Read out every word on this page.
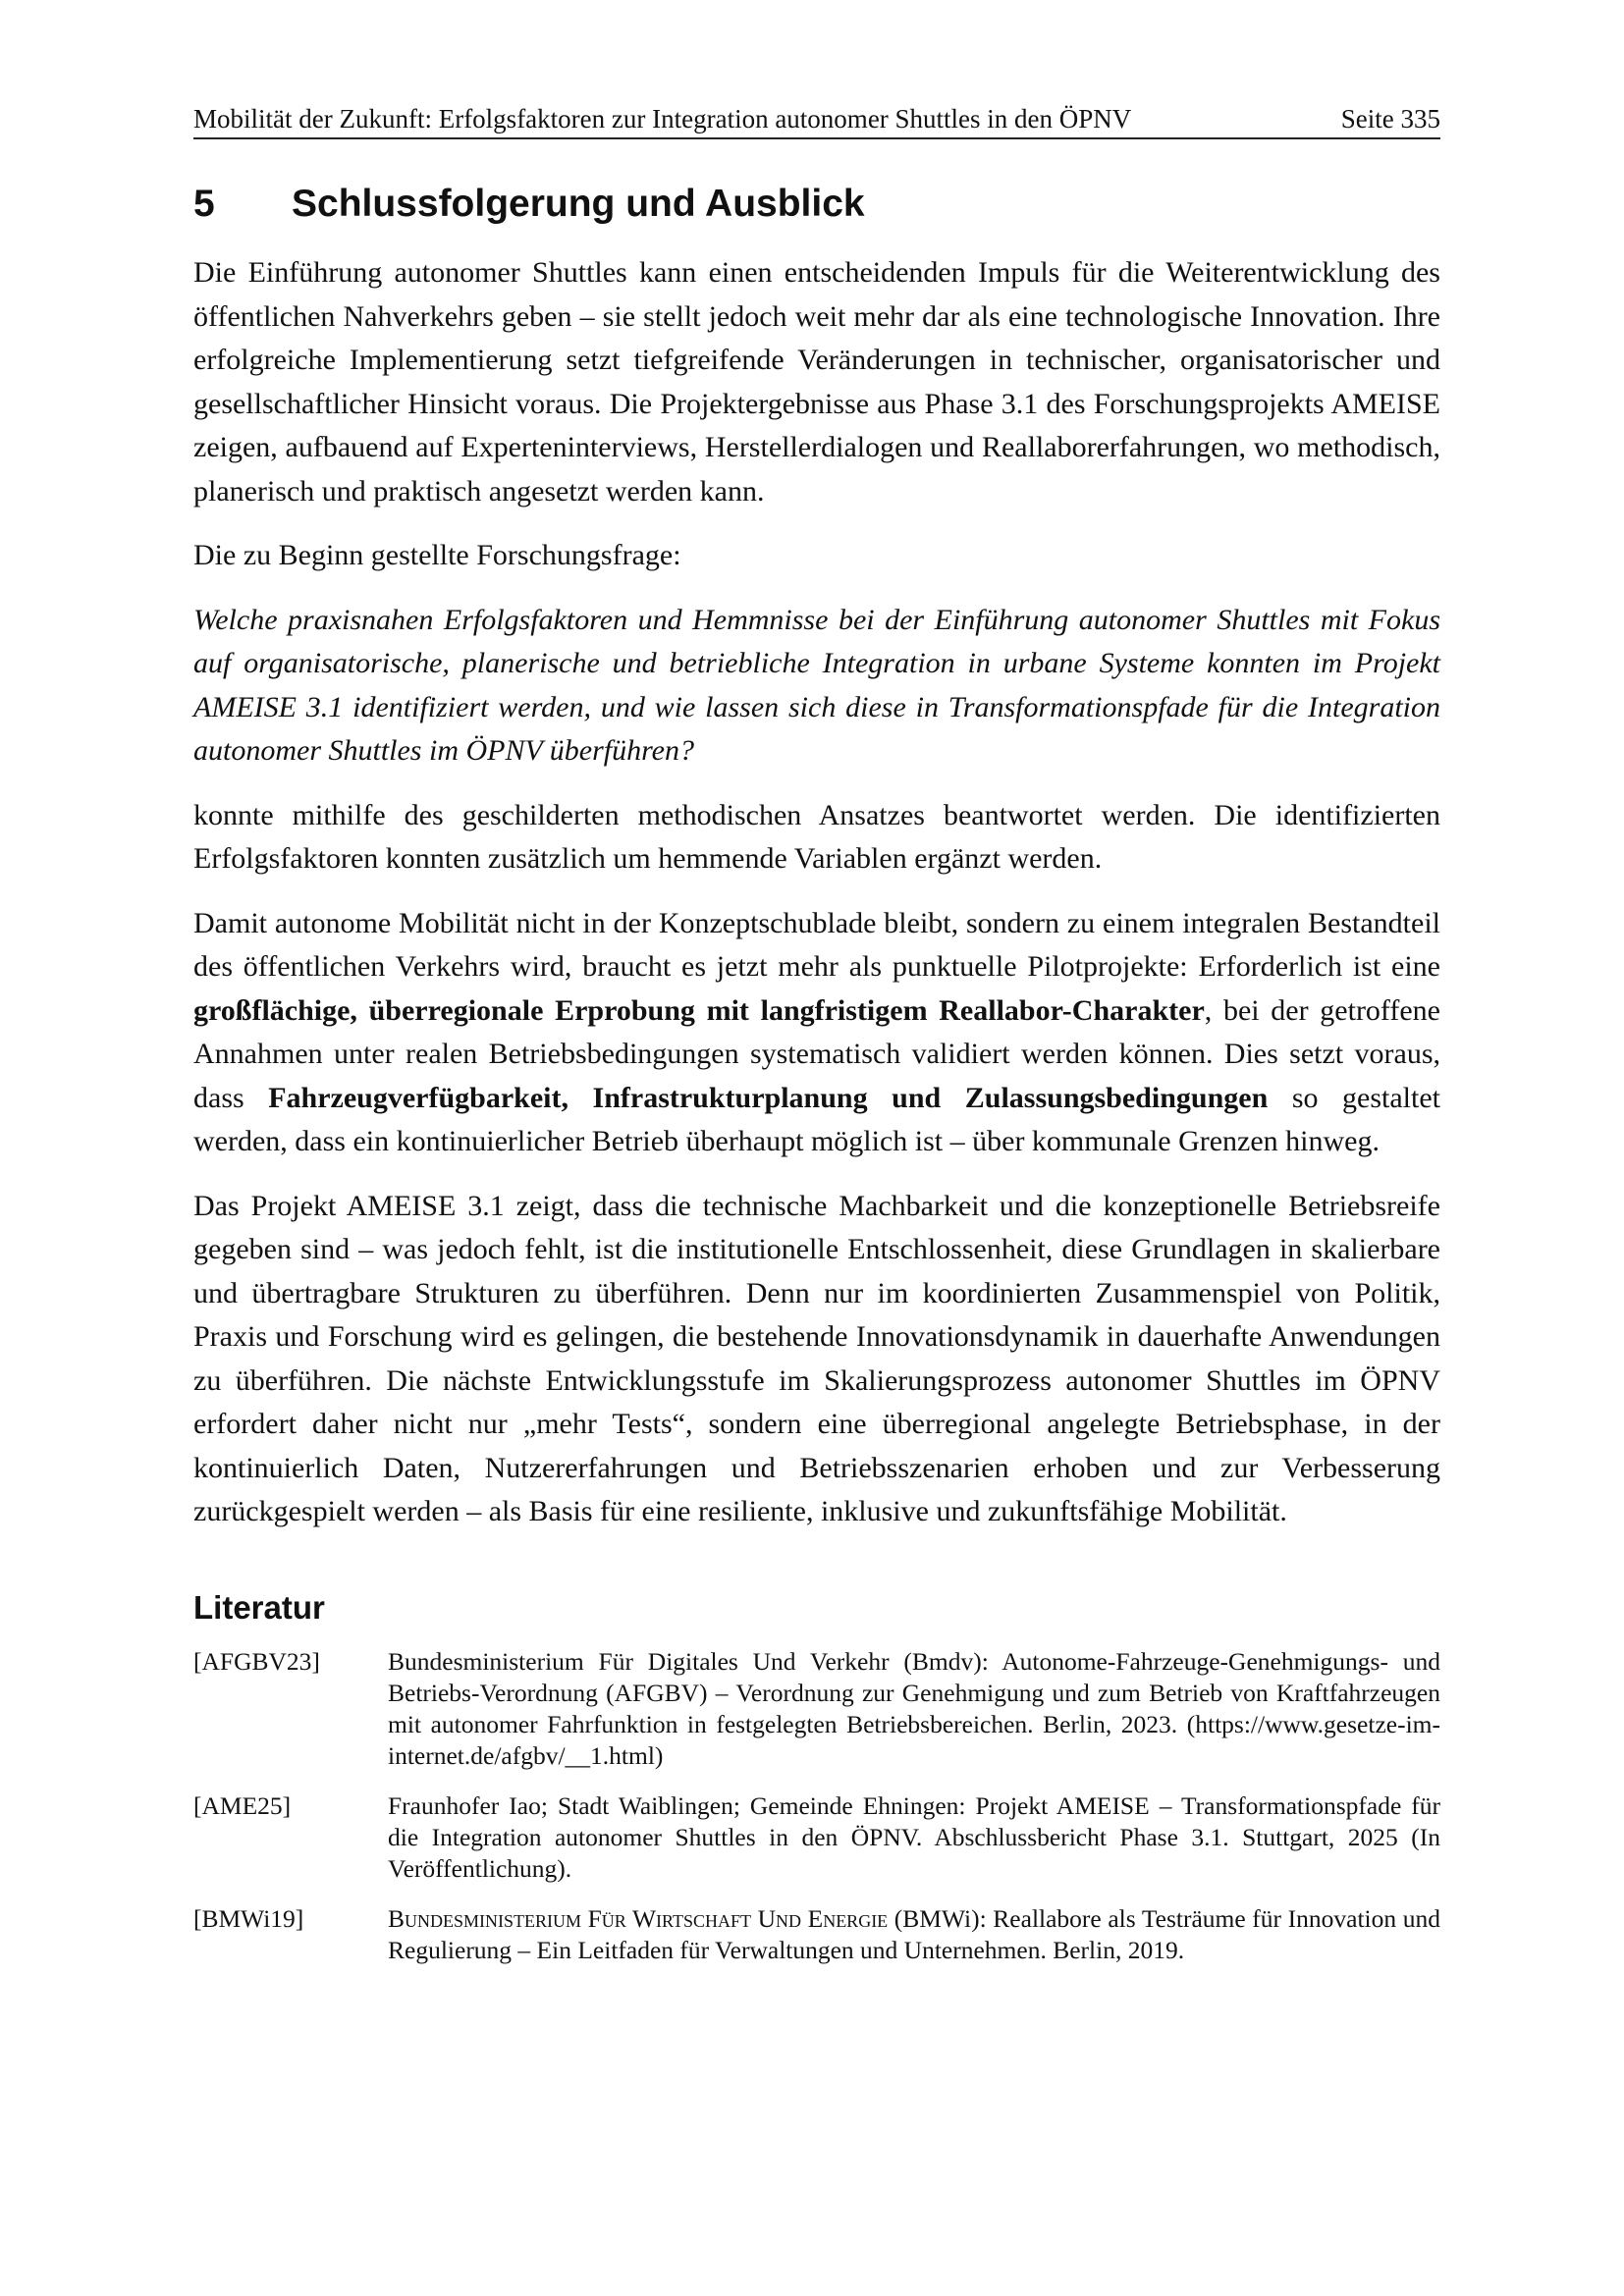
Mobilität der Zukunft: Erfolgsfaktoren zur Integration autonomer Shuttles in den ÖPNV	Seite 335
5	Schlussfolgerung und Ausblick

Die Einführung autonomer Shuttles kann einen entscheidenden Impuls für die Weiterentwicklung des öffentlichen Nahverkehrs geben – sie stellt jedoch weit mehr dar als eine technologische Innovation. Ihre erfolgreiche Implementierung setzt tiefgreifende Veränderungen in technischer, organisatorischer und gesellschaftlicher Hinsicht voraus. Die Projektergebnisse aus Phase 3.1 des Forschungsprojekts AMEISE zeigen, aufbauend auf Experteninterviews, Herstellerdialogen und Reallaborerfahrungen, wo methodisch, planerisch und praktisch angesetzt werden kann.

Die zu Beginn gestellte Forschungsfrage:

Welche praxisnahen Erfolgsfaktoren und Hemmnisse bei der Einführung autonomer Shuttles mit Fokus auf organisatorische, planerische und betriebliche Integration in urbane Systeme konnten im Projekt AMEISE 3.1 identifiziert werden, und wie lassen sich diese in Transformationspfade für die Integration autonomer Shuttles im ÖPNV überführen?

konnte mithilfe des geschilderten methodischen Ansatzes beantwortet werden. Die identifizierten Erfolgsfaktoren konnten zusätzlich um hemmende Variablen ergänzt werden.

Damit autonome Mobilität nicht in der Konzeptschublade bleibt, sondern zu einem integralen Bestandteil des öffentlichen Verkehrs wird, braucht es jetzt mehr als punktuelle Pilotprojekte: Erforderlich ist eine großflächige, überregionale Erprobung mit langfristigem Reallabor-Charakter, bei der getroffene Annahmen unter realen Betriebsbedingungen systematisch validiert werden können. Dies setzt voraus, dass Fahrzeugverfügbarkeit, Infrastrukturplanung und Zulassungsbedingungen so gestaltet werden, dass ein kontinuierlicher Betrieb überhaupt möglich ist – über kommunale Grenzen hinweg.

Das Projekt AMEISE 3.1 zeigt, dass die technische Machbarkeit und die konzeptionelle Betriebsreife gegeben sind – was jedoch fehlt, ist die institutionelle Entschlossenheit, diese Grundlagen in skalierbare und übertragbare Strukturen zu überführen. Denn nur im koordinierten Zusammenspiel von Politik, Praxis und Forschung wird es gelingen, die bestehende Innovationsdynamik in dauerhafte Anwendungen zu überführen. Die nächste Entwicklungsstufe im Skalierungsprozess autonomer Shuttles im ÖPNV erfordert daher nicht nur „mehr Tests“, sondern eine überregional angelegte Betriebsphase, in der kontinuierlich Daten, Nutzererfahrungen und Betriebsszenarien erhoben und zur Verbesserung zurückgespielt werden – als Basis für eine resiliente, inklusive und zukunftsfähige Mobilität.

Literatur
[AFGBV23]	Bundesministerium Für Digitales Und Verkehr (Bmdv): Autonome-Fahrzeuge-Genehmigungs- und Betriebs-Verordnung (AFGBV) – Verordnung zur Genehmigung und zum Betrieb von Kraftfahrzeugen mit autonomer Fahrfunktion in festgelegten Betriebsbereichen. Berlin, 2023. (https://www.gesetze-im-internet.de/afgbv/__1.html)
[AME25]	Fraunhofer Iao; Stadt Waiblingen; Gemeinde Ehningen: Projekt AMEISE – Transformationspfade für die Integration autonomer Shuttles in den ÖPNV. Abschlussbericht Phase 3.1. Stuttgart, 2025 (In Veröffentlichung).
[BMWi19]	Bundesministerium Für Wirtschaft Und Energie (BMWi): Reallabore als Testräume für Innovation und Regulierung – Ein Leitfaden für Verwaltungen und Unternehmen. Berlin, 2019.
